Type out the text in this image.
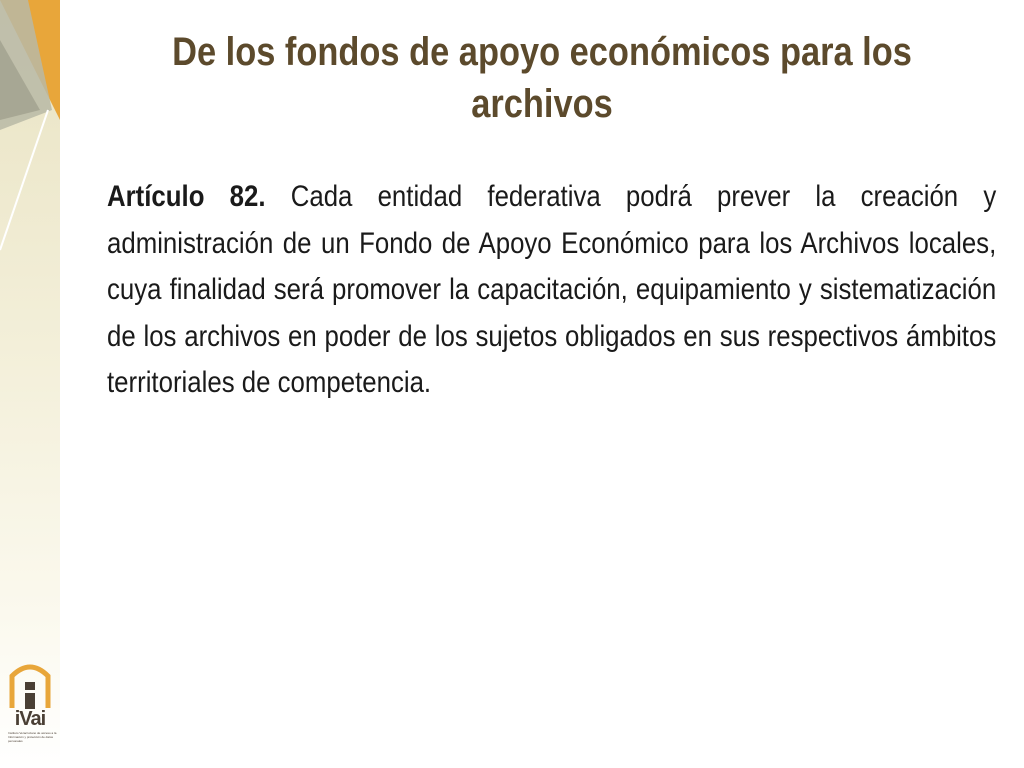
De los fondos de apoyo económicos para los archivos

Artículo 82. Cada entidad federativa podrá prever la creación y administración de un Fondo de Apoyo Económico para los Archivos locales, cuya finalidad será promover la capacitación, equipamiento y sistematización de los archivos en poder de los sujetos obligados en sus respectivos ámbitos territoriales de competencia.

iVai
Instituto Veracruzano de acceso a la Información y protección de datos personales
